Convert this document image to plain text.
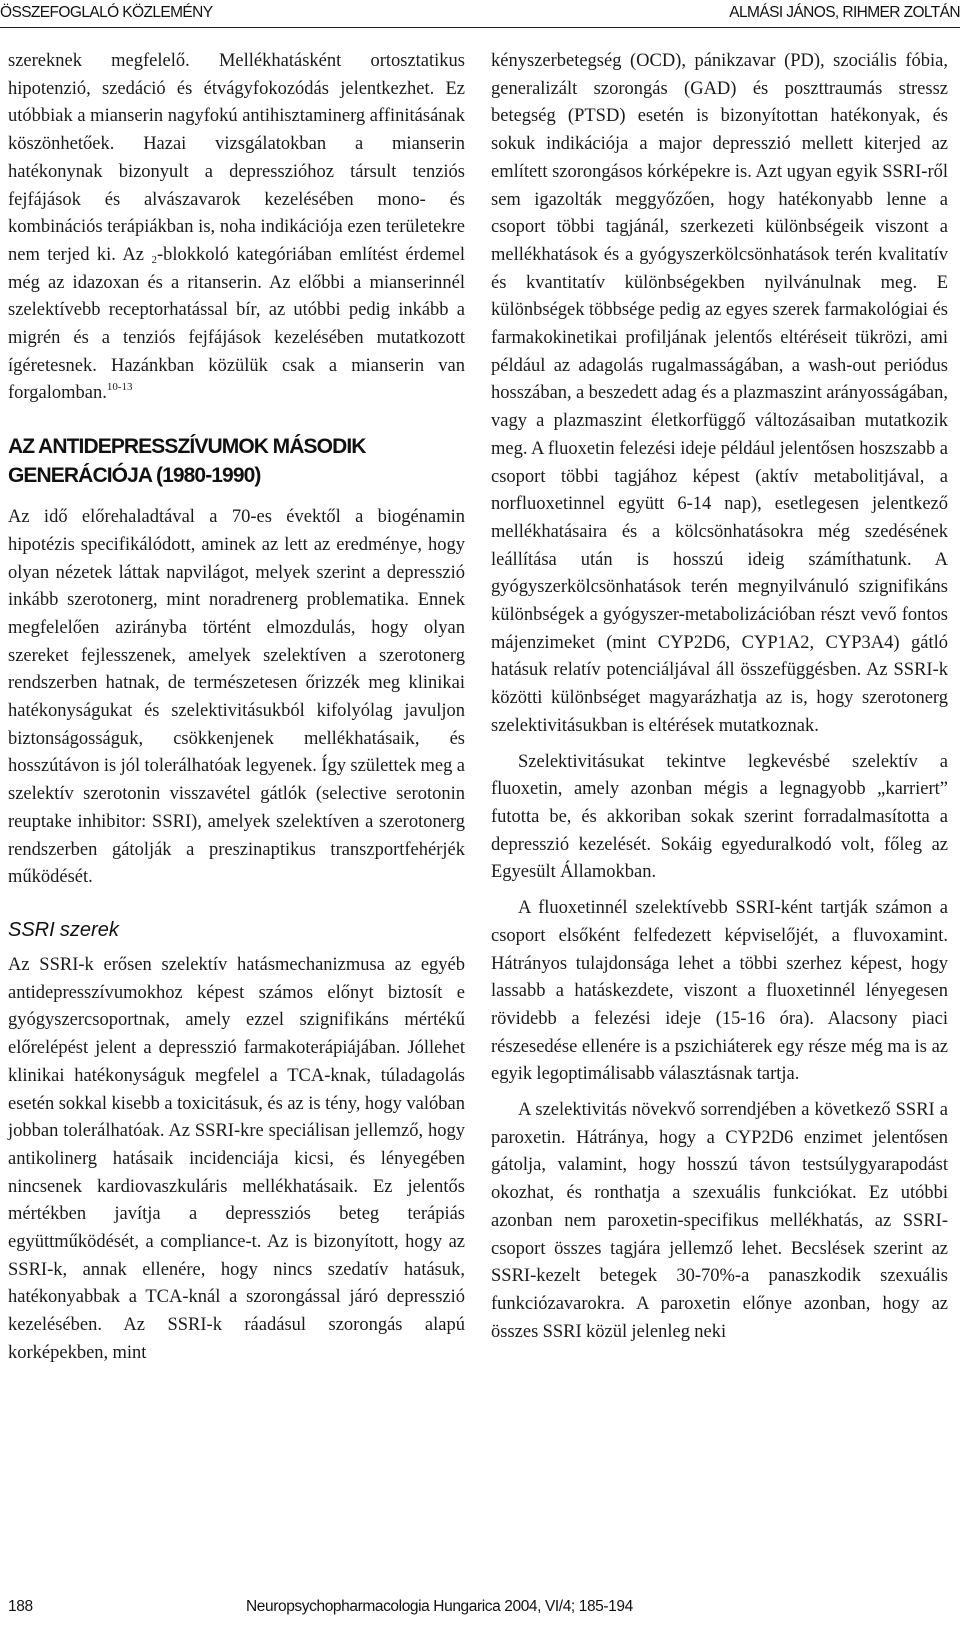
ÖSSZEFOGLALÓ KÖZLEMÉNY	ALMÁSI JÁNOS, RIHMER ZOLTÁN

szereknek megfelelő. Mellékhatásként ortosztatikus hipotenzió, szedáció és étvágyfokozódás jelentkezhet. Ez utóbbiak a mianserin nagyfokú antihisztaminerg affinitásának köszönhetőek. Hazai vizsgálatokban a mianserin hatékonynak bizonyult a depresszióhoz társult tenziós fejfájások és alvászavarok kezelésében mono- és kombinációs terápiákban is, noha indikációja ezen területekre nem terjed ki. Az $_2$-blokkoló kategóriában említést érdemel még az idazoxan és a ritanserin. Az előbbi a mianserinnél szelektívebb receptorhatással bír, az utóbbi pedig inkább a migrén és a tenziós fejfájások kezelésében mutatkozott ígéretesnek. Hazánkban közülük csak a mianserin van forgalomban.$^{10-13}$

AZ ANTIDEPRESSZÍVUMOK MÁSODIK GENERÁCIÓJA (1980-1990)

Az idő előrehaladtával a 70-es évektől a biogénamin hipotézis specifikálódott, aminek az lett az eredménye, hogy olyan nézetek láttak napvilágot, melyek szerint a depresszió inkább szerotonerg, mint noradrenerg problematika. Ennek megfelelően azirányba történt elmozdulás, hogy olyan szereket fejlesszenek, amelyek szelektíven a szerotonerg rendszerben hatnak, de természetesen őrizzék meg klinikai hatékonyságukat és szelektivitásukból kifolyólag javuljon biztonságosságuk, csökkenjenek mellékhatásaik, és hosszútávon is jól tolerálhatóak legyenek. Így születtek meg a szelektív szerotonin visszavétel gátlók (selective serotonin reuptake inhibitor: SSRI), amelyek szelektíven a szerotonerg rendszerben gátolják a preszinaptikus transzportfehérjék működését.

SSRI szerek

Az SSRI-k erősen szelektív hatásmechanizmusa az egyéb antidepresszívumokhoz képest számos előnyt biztosít e gyógyszercsoportnak, amely ezzel szignifikáns mértékű előrelépést jelent a depresszió farmakoterápiájában. Jóllehet klinikai hatékonyságuk megfelel a TCA-knak, túladagolás esetén sokkal kisebb a toxicitásuk, és az is tény, hogy valóban jobban tolerálhatóak. Az SSRI-kre speciálisan jellemző, hogy antikolinerg hatásaik incidenciája kicsi, és lényegében nincsenek kardiovaszkuláris mellékhatásaik. Ez jelentős mértékben javítja a depressziós beteg terápiás együttműködését, a compliance-t. Az is bizonyított, hogy az SSRI-k, annak ellenére, hogy nincs szedatív hatásuk, hatékonyabbak a TCA-knál a szorongással járó depresszió kezelésében. Az SSRI-k ráadásul szorongás alapú korképekben, mint

kényszerbetegség (OCD), pánikzavar (PD), szociális fóbia, generalizált szorongás (GAD) és poszttraumás stressz betegség (PTSD) esetén is bizonyítottan hatékonyak, és sokuk indikációja a major depresszió mellett kiterjed az említett szorongásos kórképekre is. Azt ugyan egyik SSRI-ről sem igazolták meggyőzően, hogy hatékonyabb lenne a csoport többi tagjánál, szerkezeti különbségeik viszont a mellékhatások és a gyógyszerkölcsönhatások terén kvalitatív és kvantitatív különbségekben nyilvánulnak meg. E különbségek többsége pedig az egyes szerek farmakológiai és farmakokinetikai profiljának jelentős eltéréseit tükrözi, ami például az adagolás rugalmasságában, a wash-out periódus hosszában, a beszedett adag és a plazmaszint arányosságában, vagy a plazmaszint életkorfüggő változásaiban mutatkozik meg. A fluoxetin felezési ideje például jelentősen hoszszabb a csoport többi tagjához képest (aktív metabolitjával, a norfluoxetinnel együtt 6-14 nap), esetlegesen jelentkező mellékhatásaira és a kölcsönhatásokra még szedésének leállítása után is hosszú ideig számíthatunk. A gyógyszerkölcsönhatások terén megnyilvánuló szignifikáns különbségek a gyógyszer-metabolizációban részt vevő fontos májenzimeket (mint CYP2D6, CYP1A2, CYP3A4) gátló hatásuk relatív potenciáljával áll összefüggésben. Az SSRI-k közötti különbséget magyarázhatja az is, hogy szerotonerg szelektivitásukban is eltérések mutatkoznak.

Szelektivitásukat tekintve legkevésbé szelektív a fluoxetin, amely azonban mégis a legnagyobb „karriert” futotta be, és akkoriban sokak szerint forradalmasította a depresszió kezelését. Sokáig egyeduralkodó volt, főleg az Egyesült Államokban.

A fluoxetinnél szelektívebb SSRI-ként tartják számon a csoport elsőként felfedezett képviselőjét, a fluvoxamint. Hátrányos tulajdonsága lehet a többi szerhez képest, hogy lassabb a hatáskezdete, viszont a fluoxetinnél lényegesen rövidebb a felezési ideje (15-16 óra). Alacsony piaci részesedése ellenére is a pszichiáterek egy része még ma is az egyik legoptimálisabb választásnak tartja.

A szelektivitás növekvő sorrendjében a következő SSRI a paroxetin. Hátránya, hogy a CYP2D6 enzimet jelentősen gátolja, valamint, hogy hosszú távon testsúlygyarapodást okozhat, és ronthatja a szexuális funkciókat. Ez utóbbi azonban nem paroxetin-specifikus mellékhatás, az SSRI-csoport összes tagjára jellemző lehet. Becslések szerint az SSRI-kezelt betegek 30-70%-a panaszkodik szexuális funkciózavarokra. A paroxetin előnye azonban, hogy az összes SSRI közül jelenleg neki

188	Neuropsychopharmacologia Hungarica 2004, VI/4; 185-194
